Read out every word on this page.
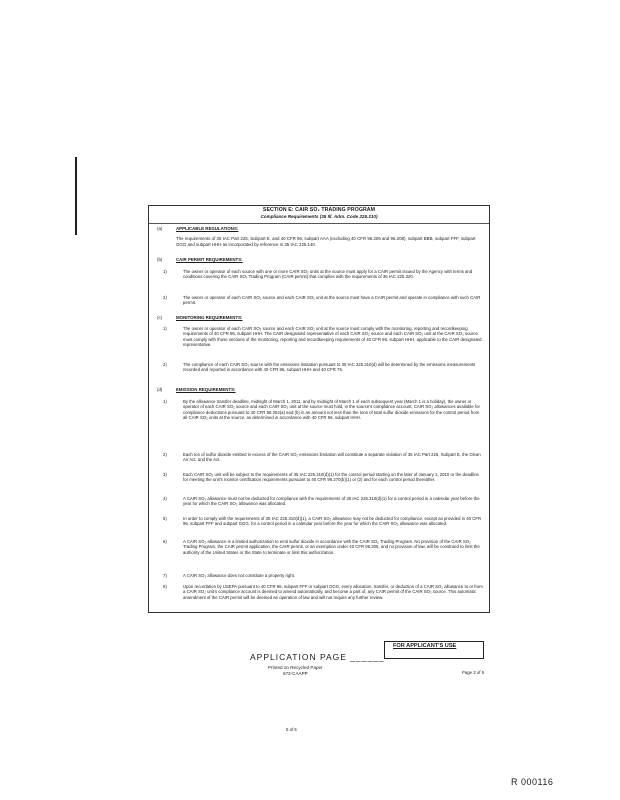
SECTION E: CAIR SO₂ TRADING PROGRAM
Compliance Requirements (35 Ill. Adm. Code 225.310)
(a)	APPLICABLE REGULATIONS:
The requirements of 35 IAC Part 225, Subpart E, and 40 CFR 96, subpart AAA (excluding 40 CFR 96.206 and 96.208), subpart BBB, subpart FFF, subpart GGG and subpart HHH as incorporated by reference in 35 IAC 225.140.
(b)	CAIR PERMIT REQUIREMENTS:
1)	The owner or operator of each source with one or more CAIR SO₂ units at the source must apply for a CAIR permit issued by the Agency with terms and conditions covering the CAIR SO₂ Trading Program (CAIR permit) that complies with the requirements of 35 IAC 225.320.
2)	The owner or operator of each CAIR SO₂ source and each CAIR SO₂ unit at the source must have a CAIR permit and operate in compliance with such CAIR permit.
(c)	MONITORING REQUIREMENTS:
1)	The owner or operator of each CAIR SO₂ source and each CAIR SO₂ unit at the source must comply with the monitoring, reporting and recordkeeping requirements of 40 CFR 96, subpart HHH. The CAIR designated representative of each CAIR SO₂ source and each CAIR SO₂ unit at the CAIR SO₂ source must comply with those sections of the monitoring, reporting and recordkeeping requirements of 40 CFR 96, subpart HHH, applicable to the CAIR designated representative.
2)	The compliance of each CAIR SO₂ source with the emissions limitation pursuant to 35 IAC 225.310(d) will be determined by the emissions measurements recorded and reported in accordance with 40 CFR 96, subpart HHH and 40 CFR 75.
(d)	EMISSION REQUIREMENTS:
1)	By the allowance transfer deadline, midnight of March 1, 2011, and by midnight of March 1 of each subsequent year (March 1 is a holiday), the owner or operator of each CAIR SO₂ source and each CAIR SO₂ unit at the source must hold, in the source's compliance account, CAIR SO₂ allowances available for compliance deductions pursuant to 40 CFR 96.254(a) and (b) in an amount not less than the tons of total sulfur dioxide emissions for the control period from all CAIR SO₂ units at the source, as determined in accordance with 40 CFR 96, subpart HHH.
2)	Each ton of sulfur dioxide emitted in excess of the CAIR SO₂ emissions limitation will constitute a separate violation of 35 IAC Part 225, Subpart E, the Clean Air Act, and the Act.
3)	Each CAIR SO₂ unit will be subject to the requirements of 35 IAC 225.310(d)(1) for the control period starting on the later of January 1, 2010 or the deadline for meeting the unit's monitor certification requirements pursuant to 40 CFR 96.270(b)(1) or (2) and for each control period thereafter.
4)	A CAIR SO₂ allowance must not be deducted for compliance with the requirements of 35 IAC 225.310(d)(1) for a control period in a calendar year before the year for which the CAIR SO₂ allowance was allocated.
5)	In order to comply with the requirements of 35 IAC 225.310(d)(1), a CAIR SO₂ allowance may not be deducted for compliance, except as provided in 40 CFR 96, subpart FFF and subpart GGG, for a control period in a calendar year before the year for which the CAIR SO₂ allowance was allocated.
6)	A CAIR SO₂ allowance is a limited authorization to emit sulfur dioxide in accordance with the CAIR SO₂ Trading Program. No provision of the CAIR SO₂ Trading Program, the CAIR permit application, the CAIR permit, or an exemption under 40 CFR 96.205, and no provision of law, will be construed to limit the authority of the United States or the State to terminate or limit this authorization.
7)	A CAIR SO₂ allowance does not constitute a property right.
8)	Upon recordation by USEPA pursuant to 40 CFR 96, subpart FFF or subpart GGG, every allocation, transfer, or deduction of a CAIR SO₂ allowance to or from a CAIR SO₂ unit's compliance account is deemed to amend automatically, and become a part of, any CAIR permit of the CAIR SO₂ source. This automatic amendment of the CAIR permit will be deemed an operation of law and will not require any further review.
APPLICATION PAGE ______
Printed on Recycled Paper
673-CAAPP
FOR APPLICANT'S USE
Page 3 of 5
5 of 5
R 000116
